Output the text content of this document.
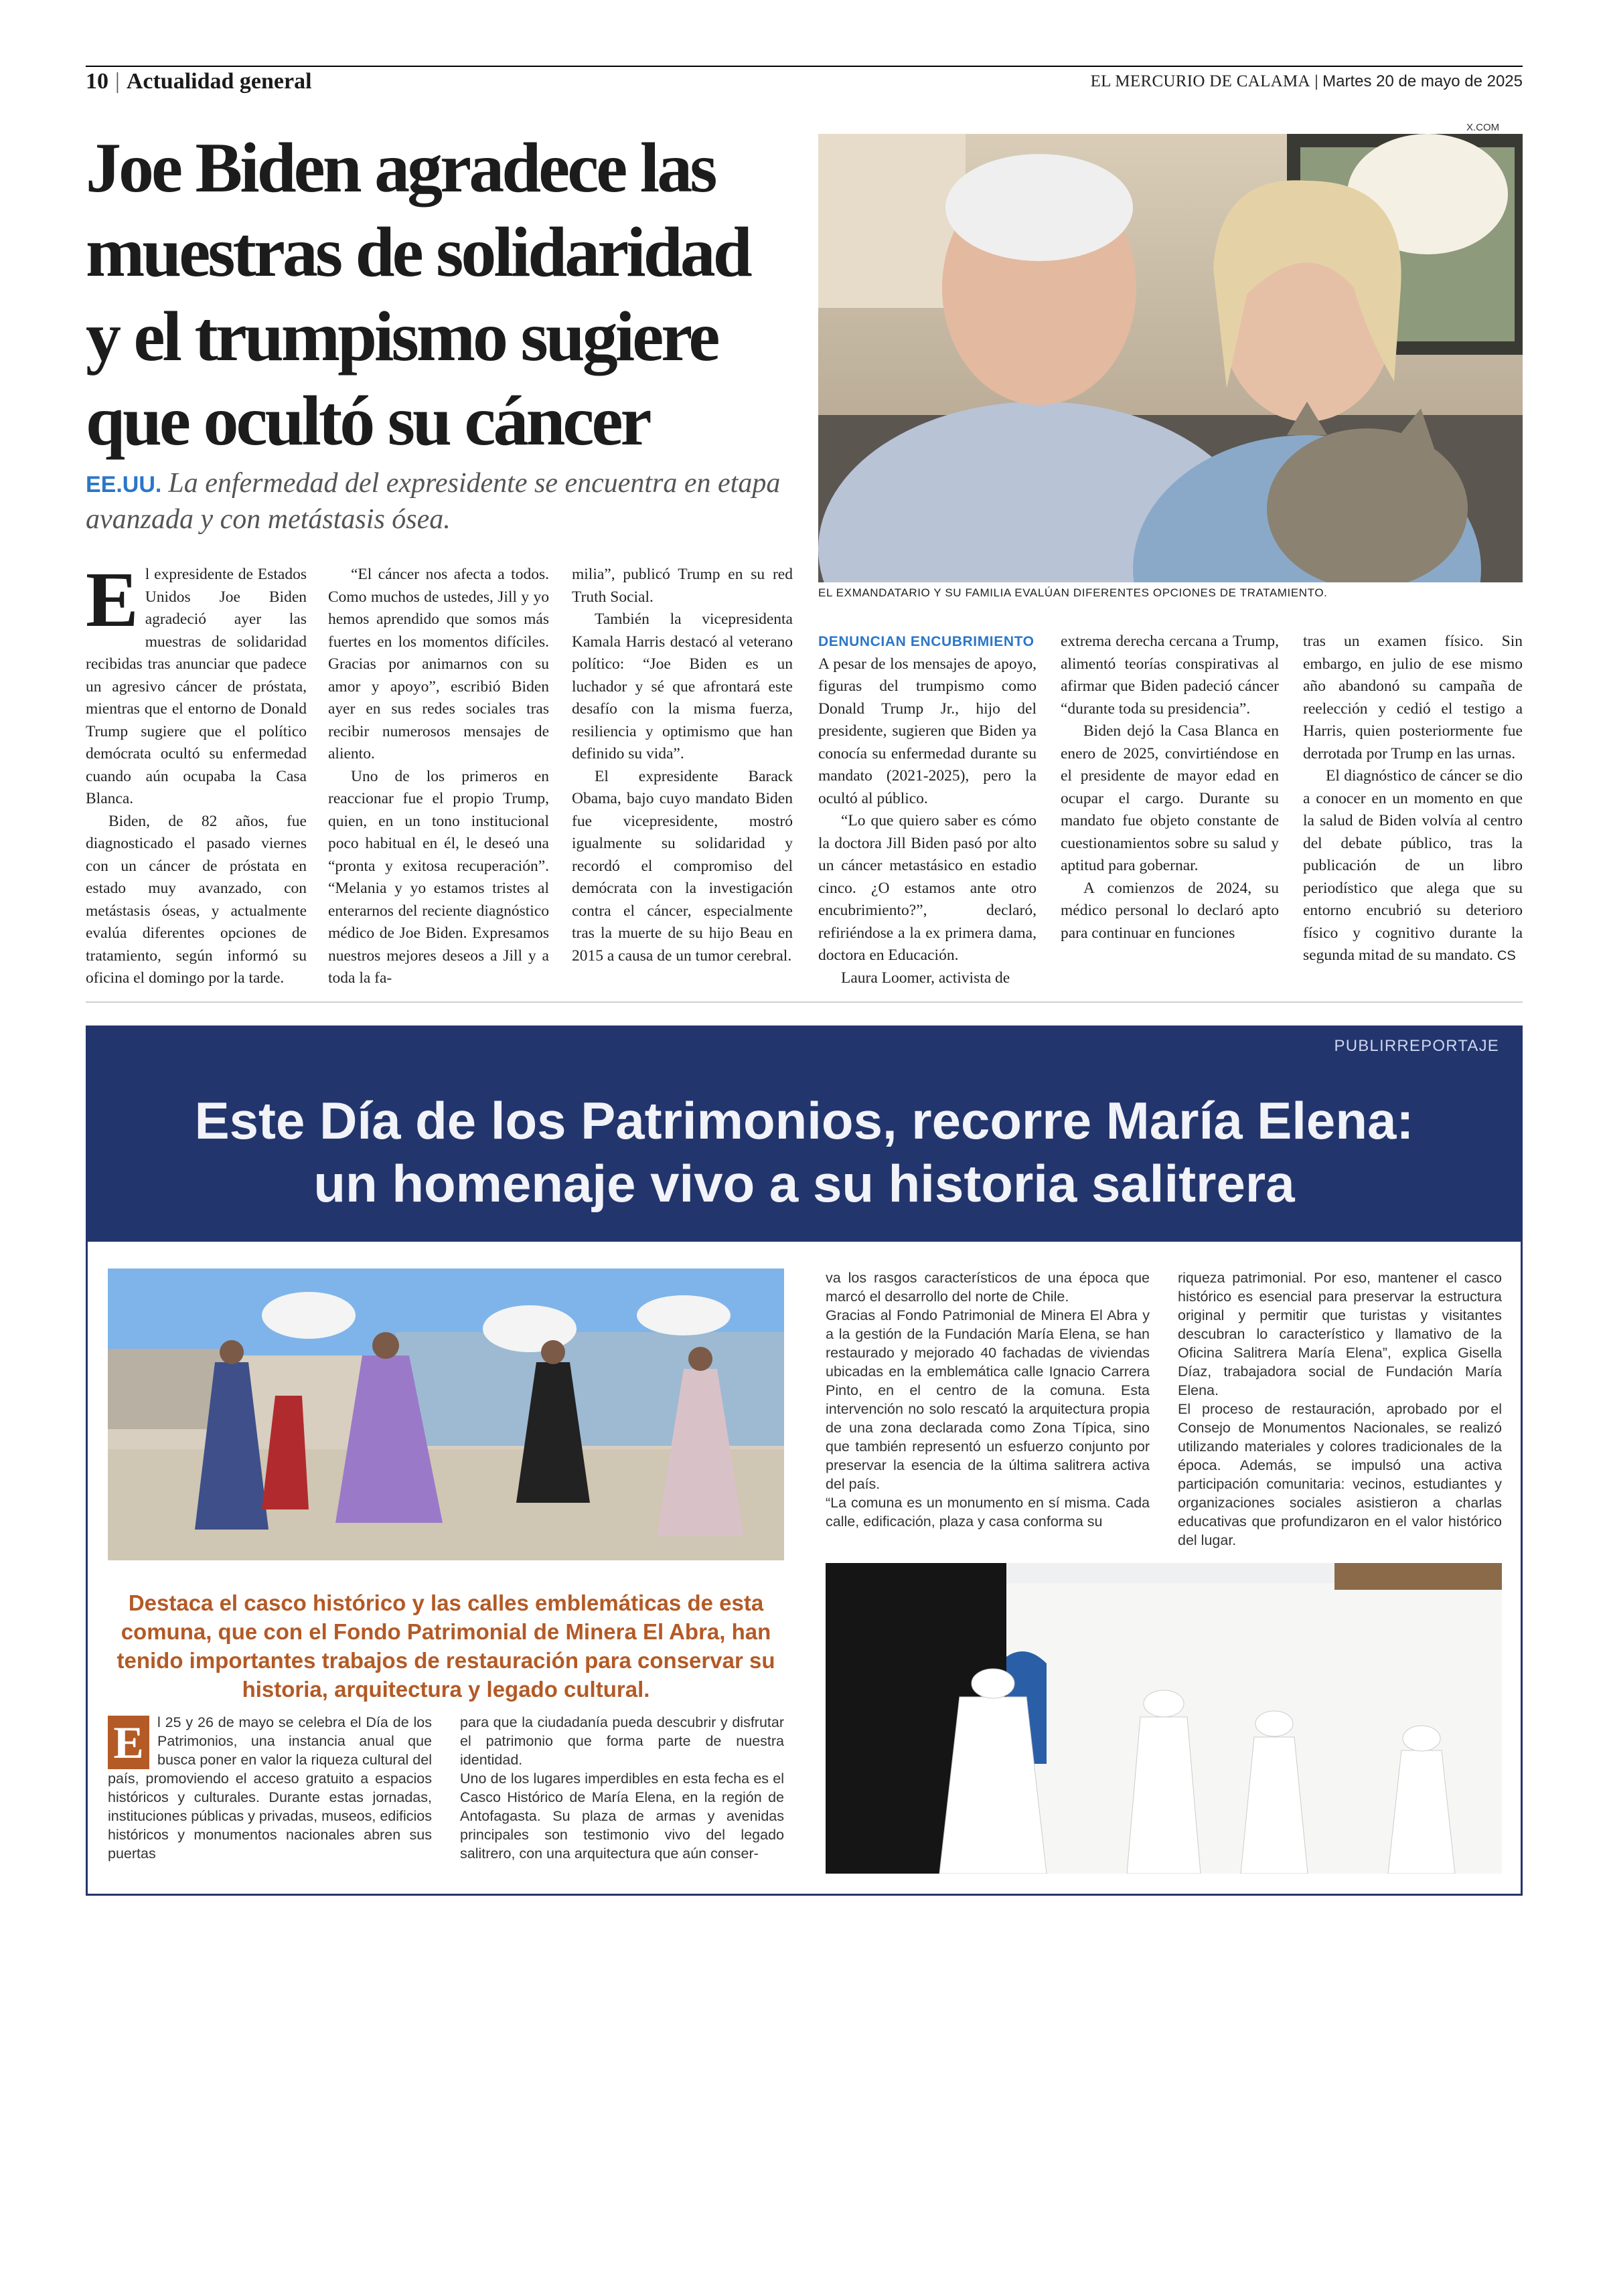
10 | Actualidad general	EL MERCURIO DE CALAMA | Martes 20 de mayo de 2025
Joe Biden agradece las
muestras de solidaridad
y el trumpismo sugiere
que ocultó su cáncer
EE.UU. La enfermedad del expresidente se encuentra en etapa avanzada y con metástasis ósea.
X.COM
EL EXMANDATARIO Y SU FAMILIA EVALÚAN DIFERENTES OPCIONES DE TRATAMIENTO.

El expresidente de Estados Unidos Joe Biden agradeció ayer las muestras de solidaridad recibidas tras anunciar que padece un agresivo cáncer de próstata, mientras que el entorno de Donald Trump sugiere que el político demócrata ocultó su enfermedad cuando aún ocupaba la Casa Blanca.

Biden, de 82 años, fue diagnosticado el pasado viernes con un cáncer de próstata en estado muy avanzado, con metástasis óseas, y actualmente evalúa diferentes opciones de tratamiento, según informó su oficina el domingo por la tarde.

“El cáncer nos afecta a todos. Como muchos de ustedes, Jill y yo hemos aprendido que somos más fuertes en los momentos difíciles. Gracias por animarnos con su amor y apoyo”, escribió Biden ayer en sus redes sociales tras recibir numerosos mensajes de aliento.

Uno de los primeros en reaccionar fue el propio Trump, quien, en un tono institucional poco habitual en él, le deseó una “pronta y exitosa recuperación”. “Melania y yo estamos tristes al enterarnos del reciente diagnóstico médico de Joe Biden. Expresamos nuestros mejores deseos a Jill y a toda la fa-

milia”, publicó Trump en su red Truth Social.

También la vicepresidenta Kamala Harris destacó al veterano político: “Joe Biden es un luchador y sé que afrontará este desafío con la misma fuerza, resiliencia y optimismo que han definido su vida”.

El expresidente Barack Obama, bajo cuyo mandato Biden fue vicepresidente, mostró igualmente su solidaridad y recordó el compromiso del demócrata con la investigación contra el cáncer, especialmente tras la muerte de su hijo Beau en 2015 a causa de un tumor cerebral.

DENUNCIAN ENCUBRIMIENTO

A pesar de los mensajes de apoyo, figuras del trumpismo como Donald Trump Jr., hijo del presidente, sugieren que Biden ya conocía su enfermedad durante su mandato (2021-2025), pero la ocultó al público.

“Lo que quiero saber es cómo la doctora Jill Biden pasó por alto un cáncer metastásico en estadio cinco. ¿O estamos ante otro encubrimiento?”, declaró, refiriéndose a la ex primera dama, doctora en Educación.

Laura Loomer, activista de

extrema derecha cercana a Trump, alimentó teorías conspirativas al afirmar que Biden padeció cáncer “durante toda su presidencia”.

Biden dejó la Casa Blanca en enero de 2025, convirtiéndose en el presidente de mayor edad en ocupar el cargo. Durante su mandato fue objeto constante de cuestionamientos sobre su salud y aptitud para gobernar.

A comienzos de 2024, su médico personal lo declaró apto para continuar en funciones

tras un examen físico. Sin embargo, en julio de ese mismo año abandonó su campaña de reelección y cedió el testigo a Harris, quien posteriormente fue derrotada por Trump en las urnas.

El diagnóstico de cáncer se dio a conocer en un momento en que la salud de Biden volvía al centro del debate público, tras la publicación de un libro periodístico que alega que su entorno encubrió su deterioro físico y cognitivo durante la segunda mitad de su mandato. CS

PUBLIRREPORTAJE
Este Día de los Patrimonios, recorre María Elena:
un homenaje vivo a su historia salitrera
Destaca el casco histórico y las calles emblemáticas de esta comuna, que con el Fondo Patrimonial de Minera El Abra, han tenido importantes trabajos de restauración para conservar su historia, arquitectura y legado cultural.
E l 25 y 26 de mayo se celebra el Día de los Patrimonios, una instancia anual que busca poner en valor la riqueza cultural del país, promoviendo el acceso gratuito a espacios históricos y culturales. Durante estas jornadas, instituciones públicas y privadas, museos, edificios históricos y monumentos nacionales abren sus puertas
para que la ciudadanía pueda descubrir y disfrutar el patrimonio que forma parte de nuestra identidad.
Uno de los lugares imperdibles en esta fecha es el Casco Histórico de María Elena, en la región de Antofagasta. Su plaza de armas y avenidas principales son testimonio vivo del legado salitrero, con una arquitectura que aún conser-
va los rasgos característicos de una época que marcó el desarrollo del norte de Chile.
Gracias al Fondo Patrimonial de Minera El Abra y a la gestión de la Fundación María Elena, se han restaurado y mejorado 40 fachadas de viviendas ubicadas en la emblemática calle Ignacio Carrera Pinto, en el centro de la comuna. Esta intervención no solo rescató la arquitectura propia de una zona declarada como Zona Típica, sino que también representó un esfuerzo conjunto por preservar la esencia de la última salitrera activa del país.
“La comuna es un monumento en sí misma. Cada calle, edificación, plaza y casa conforma su
riqueza patrimonial. Por eso, mantener el casco histórico es esencial para preservar la estructura original y permitir que turistas y visitantes descubran lo característico y llamativo de la Oficina Salitrera María Elena”, explica Gisella Díaz, trabajadora social de Fundación María Elena.
El proceso de restauración, aprobado por el Consejo de Monumentos Nacionales, se realizó utilizando materiales y colores tradicionales de la época. Además, se impulsó una activa participación comunitaria: vecinos, estudiantes y organizaciones sociales asistieron a charlas educativas que profundizaron en el valor histórico del lugar.
